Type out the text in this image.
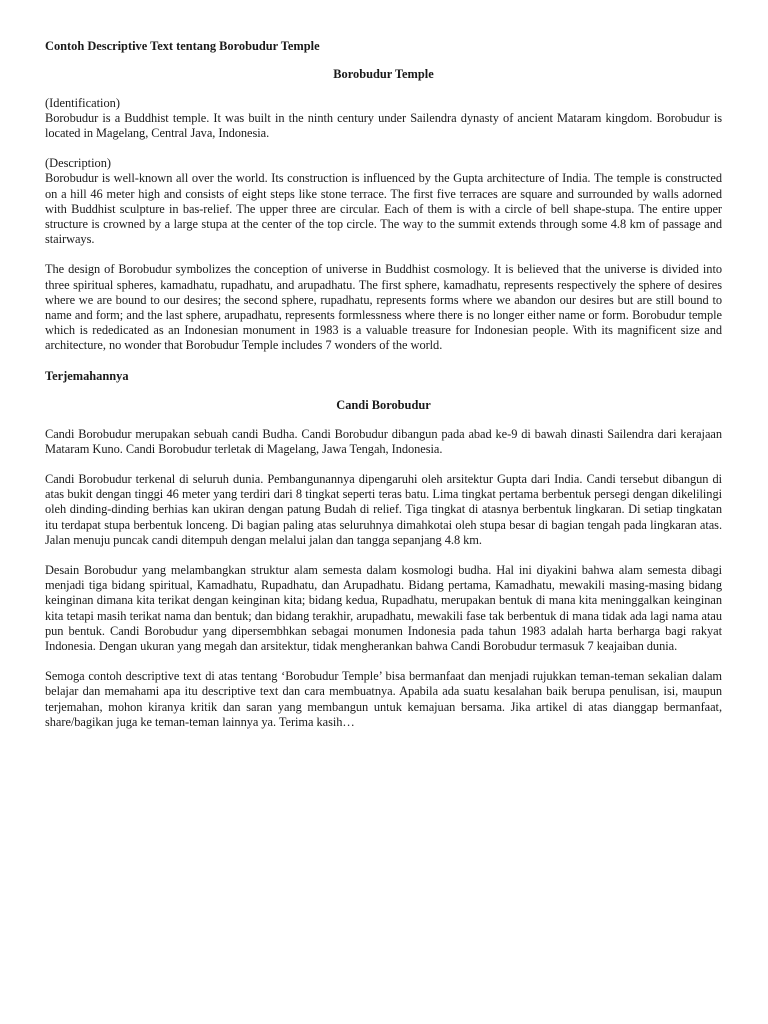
Contoh Descriptive Text tentang Borobudur Temple
Borobudur Temple
(Identification)

Borobudur is a Buddhist temple. It was built in the ninth century under Sailendra dynasty of ancient Mataram kingdom. Borobudur is located in Magelang, Central Java, Indonesia.

(Description)

Borobudur is well-known all over the world. Its construction is influenced by the Gupta architecture of India. The temple is constructed on a hill 46 meter high and consists of eight steps like stone terrace. The first five terraces are square and surrounded by walls adorned with Buddhist sculpture in bas-relief. The upper three are circular. Each of them is with a circle of bell shape-stupa. The entire upper structure is crowned by a large stupa at the center of the top circle. The way to the summit extends through some 4.8 km of passage and stairways.

The design of Borobudur symbolizes the conception of universe in Buddhist cosmology. It is believed that the universe is divided into three spiritual spheres, kamadhatu, rupadhatu, and arupadhatu. The first sphere, kamadhatu, represents respectively the sphere of desires where we are bound to our desires; the second sphere, rupadhatu, represents forms where we abandon our desires but are still bound to name and form; and the last sphere, arupadhatu, represents formlessness where there is no longer either name or form. Borobudur temple which is rededicated as an Indonesian monument in 1983 is a valuable treasure for Indonesian people. With its magnificent size and architecture, no wonder that Borobudur Temple includes 7 wonders of the world.

Terjemahannya
Candi Borobudur

Candi Borobudur merupakan sebuah candi Budha. Candi Borobudur dibangun pada abad ke-9 di bawah dinasti Sailendra dari kerajaan Mataram Kuno. Candi Borobudur terletak di Magelang, Jawa Tengah, Indonesia.

Candi Borobudur terkenal di seluruh dunia. Pembangunannya dipengaruhi oleh arsitektur Gupta dari India. Candi tersebut dibangun di atas bukit dengan tinggi 46 meter yang terdiri dari 8 tingkat seperti teras batu. Lima tingkat pertama berbentuk persegi dengan dikelilingi oleh dinding-dinding berhias kan ukiran dengan patung Budah di relief. Tiga tingkat di atasnya berbentuk lingkaran. Di setiap tingkatan itu terdapat stupa berbentuk lonceng. Di bagian paling atas seluruhnya dimahkotai oleh stupa besar di bagian tengah pada lingkaran atas. Jalan menuju puncak candi ditempuh dengan melalui jalan dan tangga sepanjang 4.8 km.

Desain Borobudur yang melambangkan struktur alam semesta dalam kosmologi budha. Hal ini diyakini bahwa alam semesta dibagi menjadi tiga bidang spiritual, Kamadhatu, Rupadhatu, dan Arupadhatu. Bidang pertama, Kamadhatu, mewakili masing-masing bidang keinginan dimana kita terikat dengan keinginan kita; bidang kedua, Rupadhatu, merupakan bentuk di mana kita meninggalkan keinginan kita tetapi masih terikat nama dan bentuk; dan bidang terakhir, arupadhatu, mewakili fase tak berbentuk di mana tidak ada lagi nama atau pun bentuk. Candi Borobudur yang dipersembhkan sebagai monumen Indonesia pada tahun 1983 adalah harta berharga bagi rakyat Indonesia. Dengan ukuran yang megah dan arsitektur, tidak mengherankan bahwa Candi Borobudur termasuk 7 keajaiban dunia.

Semoga contoh descriptive text di atas tentang ‘Borobudur Temple’ bisa bermanfaat dan menjadi rujukkan teman-teman sekalian dalam belajar dan memahami apa itu descriptive text dan cara membuatnya. Apabila ada suatu kesalahan baik berupa penulisan, isi, maupun terjemahan, mohon kiranya kritik dan saran yang membangun untuk kemajuan bersama. Jika artikel di atas dianggap bermanfaat, share/bagikan juga ke teman-teman lainnya ya. Terima kasih…
